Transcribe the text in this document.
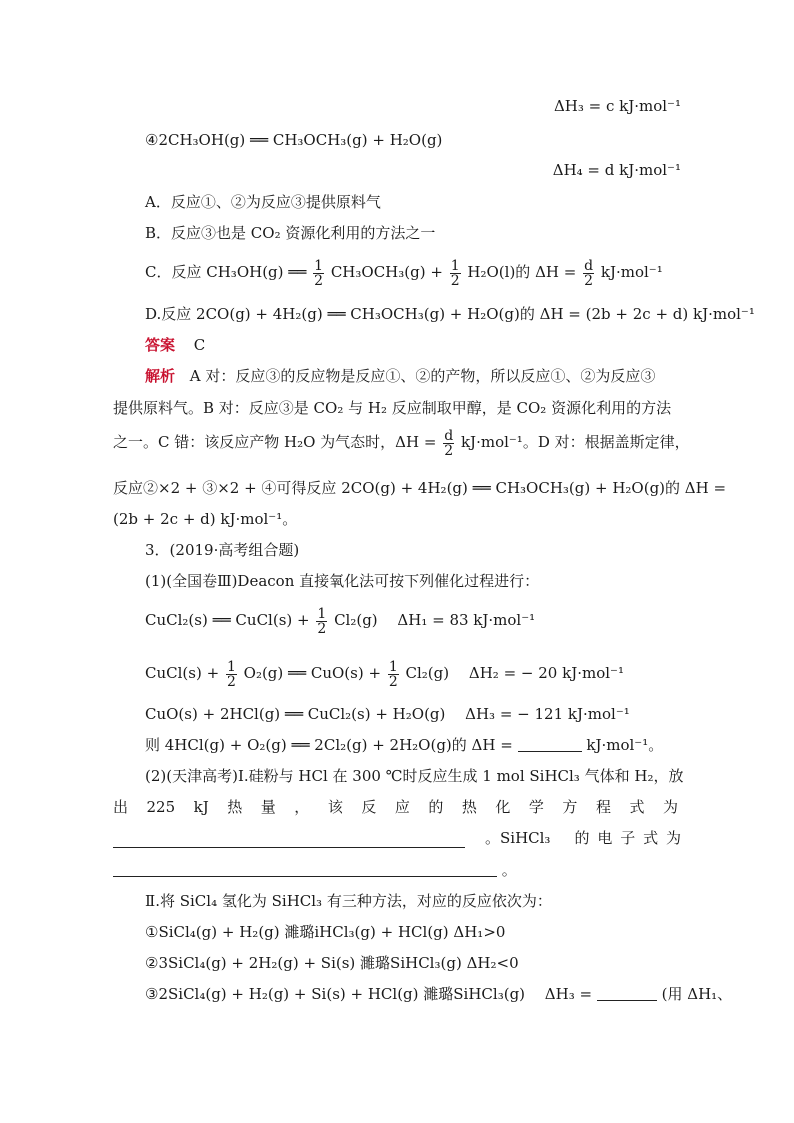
ΔH₃ = c kJ·mol⁻¹
④2CH₃OH(g) ══ CH₃OCH₃(g) + H₂O(g)
ΔH₄ = d kJ·mol⁻¹
A．反应①、②为反应③提供原料气
B．反应③也是 CO₂ 资源化利用的方法之一
C．反应 CH₃OH(g) ══ $\frac{1}{2} CH_3OCH_3(g) + \frac{1}{2} H_2O(l)$的 $\Delta H = \frac{d}{2} kJ\cdot mol^{-1}$
D.反应 2CO(g) + 4H₂(g) ══ CH₃OCH₃(g) + H₂O(g)的 ΔH = (2b + 2c + d) kJ·mol⁻¹
答案 C
解析 A 对：反应③的反应物是反应①、②的产物，所以反应①、②为反应③
提供原料气。B 对：反应③是 CO₂ 与 H₂ 反应制取甲醇，是 CO₂ 资源化利用的方法
之一。C 错：该反应产物 H₂O 为气态时，$\Delta H = \frac{d}{2} kJ\cdot mol^{-1}$。D 对：根据盖斯定律，
反应②×2 + ③×2 + ④可得反应 2CO(g) + 4H₂(g) ══ CH₃OCH₃(g) + H₂O(g)的 ΔH =
(2b + 2c + d) kJ·mol⁻¹。
3．(2019·高考组合题)
(1)(全国卷Ⅲ)Deacon 直接氧化法可按下列催化过程进行：
CuCl₂(s) ══ CuCl(s) + $\frac{1}{2} Cl_2(g)$　 ΔH₁ = 83 kJ·mol⁻¹
CuCl(s) + $\frac{1}{2} O_2(g)$ ══ $CuO(s) + \frac{1}{2} Cl_2(g)$　 ΔH₂ = − 20 kJ·mol⁻¹
CuO(s) + 2HCl(g) ══ CuCl₂(s) + H₂O(g)　 ΔH₃ = − 121 kJ·mol⁻¹
则 4HCl(g) + O₂(g) ══ 2Cl₂(g) + 2H₂O(g)的 ΔH =	kJ·mol⁻¹。
(2)(天津高考)Ⅰ.硅粉与 HCl 在 300 ℃时反应生成 1 mol SiHCl₃ 气体和 H₂，放
出 225 kJ 热 量 ， 该 反 应 的 热 化 学 方 程 式 为
。SiHCl₃ 的 电 子 式 为
。
Ⅱ.将 SiCl₄ 氢化为 SiHCl₃ 有三种方法，对应的反应依次为：
①SiCl₄(g) + H₂(g) 濉璐iHCl₃(g) + HCl(g) ΔH₁>0
②3SiCl₄(g) + 2H₂(g) + Si(s) 濉璐SiHCl₃(g) ΔH₂<0
③2SiCl₄(g) + H₂(g) + Si(s) + HCl(g) 濉璐SiHCl₃(g)　 ΔH₃ =	(用 ΔH₁、
